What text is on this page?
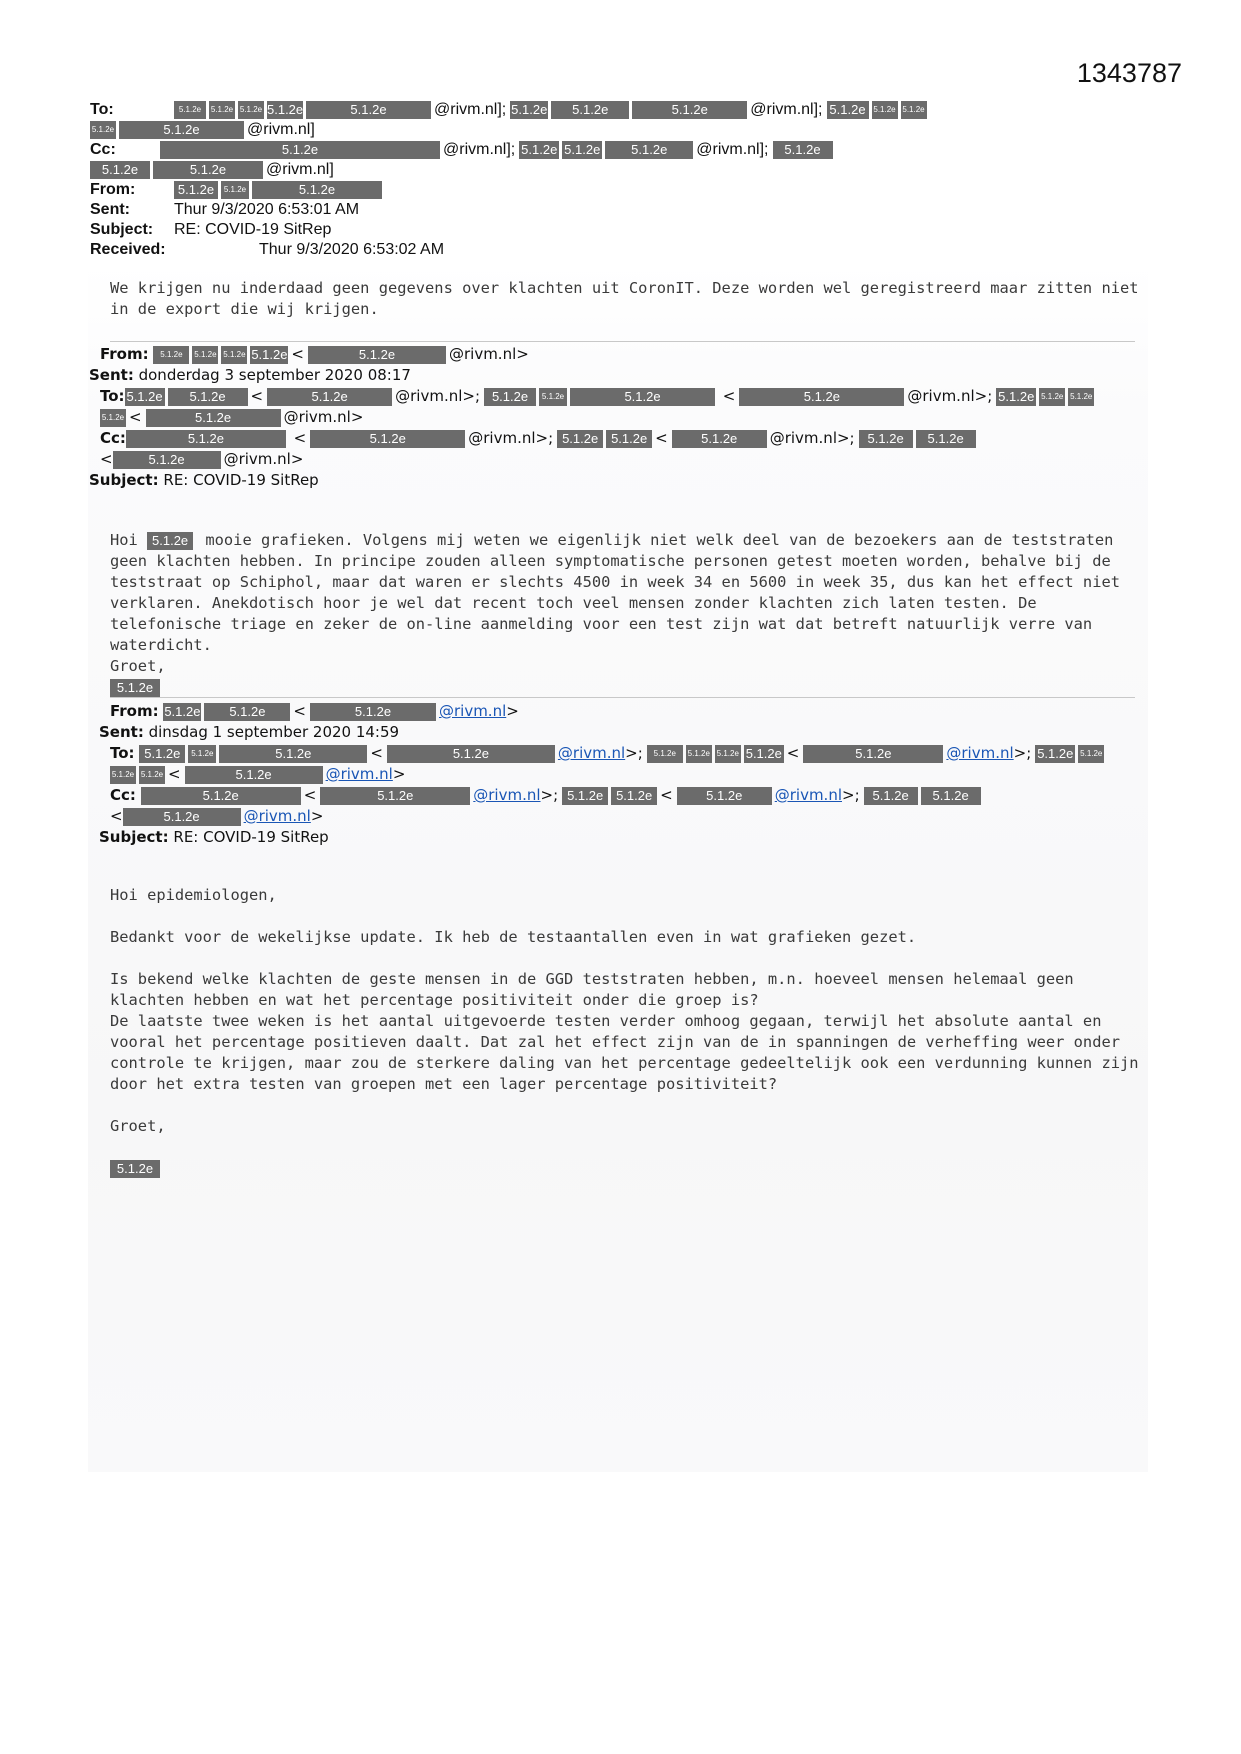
1343787
To:	5.1.2e	5.1.2e 5.1.2e 5.1.2e	5.1.2e	@rivm.nl]; 5.1.2e	5.1.2e	5.1.2e	@rivm.nl]; 5.1.2e 5.1.2e 5.1.2e
5.1.2e	5.1.2e	@rivm.nl]
Cc:	5.1.2e	@rivm.nl]; 5.1.2e 5.1.2e	5.1.2e	@rivm.nl];	5.1.2e
5.1.2e	5.1.2e	@rivm.nl]
From:	5.1.2e	5.1.2e	5.1.2e
Sent:	Thur 9/3/2020 6:53:01 AM
Subject:	RE: COVID-19 SitRep
Received:	Thur 9/3/2020 6:53:02 AM

We krijgen nu inderdaad geen gegevens over klachten uit CoronIT. Deze worden wel geregistreerd maar zitten niet in de export die wij krijgen.

From:
	5.1.2e	5.1.2e 5.1.2e 5.1.2e <	5.1.2e	@rivm.nl>
Sent:
donderdag 3 september 2020 08:17
To: 5.1.2e	5.1.2e	<	5.1.2e	@rivm.nl>; 5.1.2e	5.1.2e	5.1.2e	<	5.1.2e	@rivm.nl>; 5.1.2e 5.1.2e 5.1.2e
5.1.2e <	5.1.2e	@rivm.nl>
Cc:	5.1.2e	<	5.1.2e	@rivm.nl>; 5.1.2e 5.1.2e <	5.1.2e	@rivm.nl>; 5.1.2e	5.1.2e
<	5.1.2e	@rivm.nl>
Subject:
RE: COVID-19 SitRep

Hoi 5.1.2e mooie grafieken. Volgens mij weten we eigenlijk niet welk deel van de bezoekers aan de teststraten geen klachten hebben. In principe zouden alleen symptomatische personen getest moeten worden, behalve bij de teststraat op Schiphol, maar dat waren er slechts 4500 in week 34 en 5600 in week 35, dus kan het effect niet verklaren. Anekdotisch hoor je wel dat recent toch veel mensen zonder klachten zich laten testen. De telefonische triage en zeker de on-line aanmelding voor een test zijn wat dat betreft natuurlijk verre van waterdicht.

Groet,

5.1.2e

From:
5.1.2e	5.1.2e	<	5.1.2e	@rivm.nl >
Sent:
dinsdag 1 september 2020 14:59
To:
5.1.2e	5.1.2e	5.1.2e	<	5.1.2e	@rivm.nl >;	5.1.2e	5.1.2e 5.1.2e 5.1.2e <	5.1.2e	@rivm.nl >; 5.1.2e 5.1.2e
5.1.2e 5.1.2e <	5.1.2e	@rivm.nl >
Cc:
	5.1.2e	<	5.1.2e	@rivm.nl >; 5.1.2e 5.1.2e <	5.1.2e	@rivm.nl >; 5.1.2e	5.1.2e
<	5.1.2e	@rivm.nl >
Subject:
RE: COVID-19 SitRep

Hoi epidemiologen,

Bedankt voor de wekelijkse update. Ik heb de testaantallen even in wat grafieken gezet.

Is bekend welke klachten de geste mensen in de GGD teststraten hebben, m.n. hoeveel mensen helemaal geen klachten hebben en wat het percentage positiviteit onder die groep is?

De laatste twee weken is het aantal uitgevoerde testen verder omhoog gegaan, terwijl het absolute aantal en vooral het percentage positieven daalt. Dat zal het effect zijn van de in spanningen de verheffing weer onder controle te krijgen, maar zou de sterkere daling van het percentage gedeeltelijk ook een verdunning kunnen zijn door het extra testen van groepen met een lager percentage positiviteit?

Groet,

5.1.2e
